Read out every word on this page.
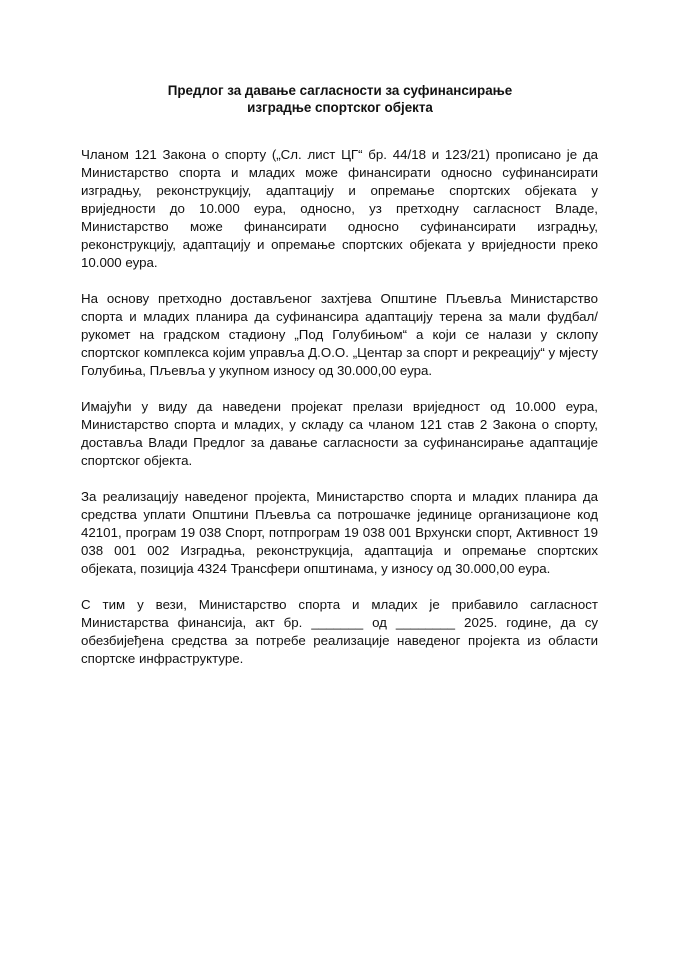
Предлог за давање сагласности за суфинансирање
изградње спортског објекта

Чланом 121 Закона о спорту („Сл. лист ЦГ“ бр. 44/18 и 123/21) прописано је да Министарство спорта и младих може финансирати односно суфинансирати изградњу, реконструкцију, адаптацију и опремање спортских објеката у вриједности до 10.000 еура, односно, уз претходну сагласност Владе, Министарство може финансирати односно суфинансирати изградњу, реконструкцију, адаптацију и опремање спортских објеката у вриједности преко 10.000 еура.

На основу претходно достављеног захтјева Општине Пљевља Министарство спорта и младих планира да суфинансира адаптацију терена за мали фудбал/рукомет на градском стадиону „Под Голубињом“ а који се налази у склопу спортског комплекса којим управља Д.О.О. „Центар за спорт и рекреацију“ у мјесту Голубиња, Пљевља у укупном износу од 30.000,00 еура.

Имајући у виду да наведени пројекат прелази вриједност од 10.000 еура, Министарство спорта и младих, у складу са чланом 121 став 2 Закона о спорту, доставља Влади Предлог за давање сагласности за суфинансирање адаптације спортског објекта.

За реализацију наведеног пројекта, Министарство спорта и младих планира да средства уплати Општини Пљевља са потрошачке јединице организационе код 42101, програм 19 038 Спорт, потпрограм 19 038 001 Врхунски спорт, Активност 19 038 001 002 Изградња, реконструкција, адаптација и опремање спортских објеката, позиција 4324 Трансфери општинама, у износу од 30.000,00 еура.

С тим у вези, Министарство спорта и младих је прибавило сагласност Министарства финансија, акт бр. _______ од ________ 2025. године, да су обезбијеђена средства за потребе реализације наведеног пројекта из области спортске инфраструктуре.
